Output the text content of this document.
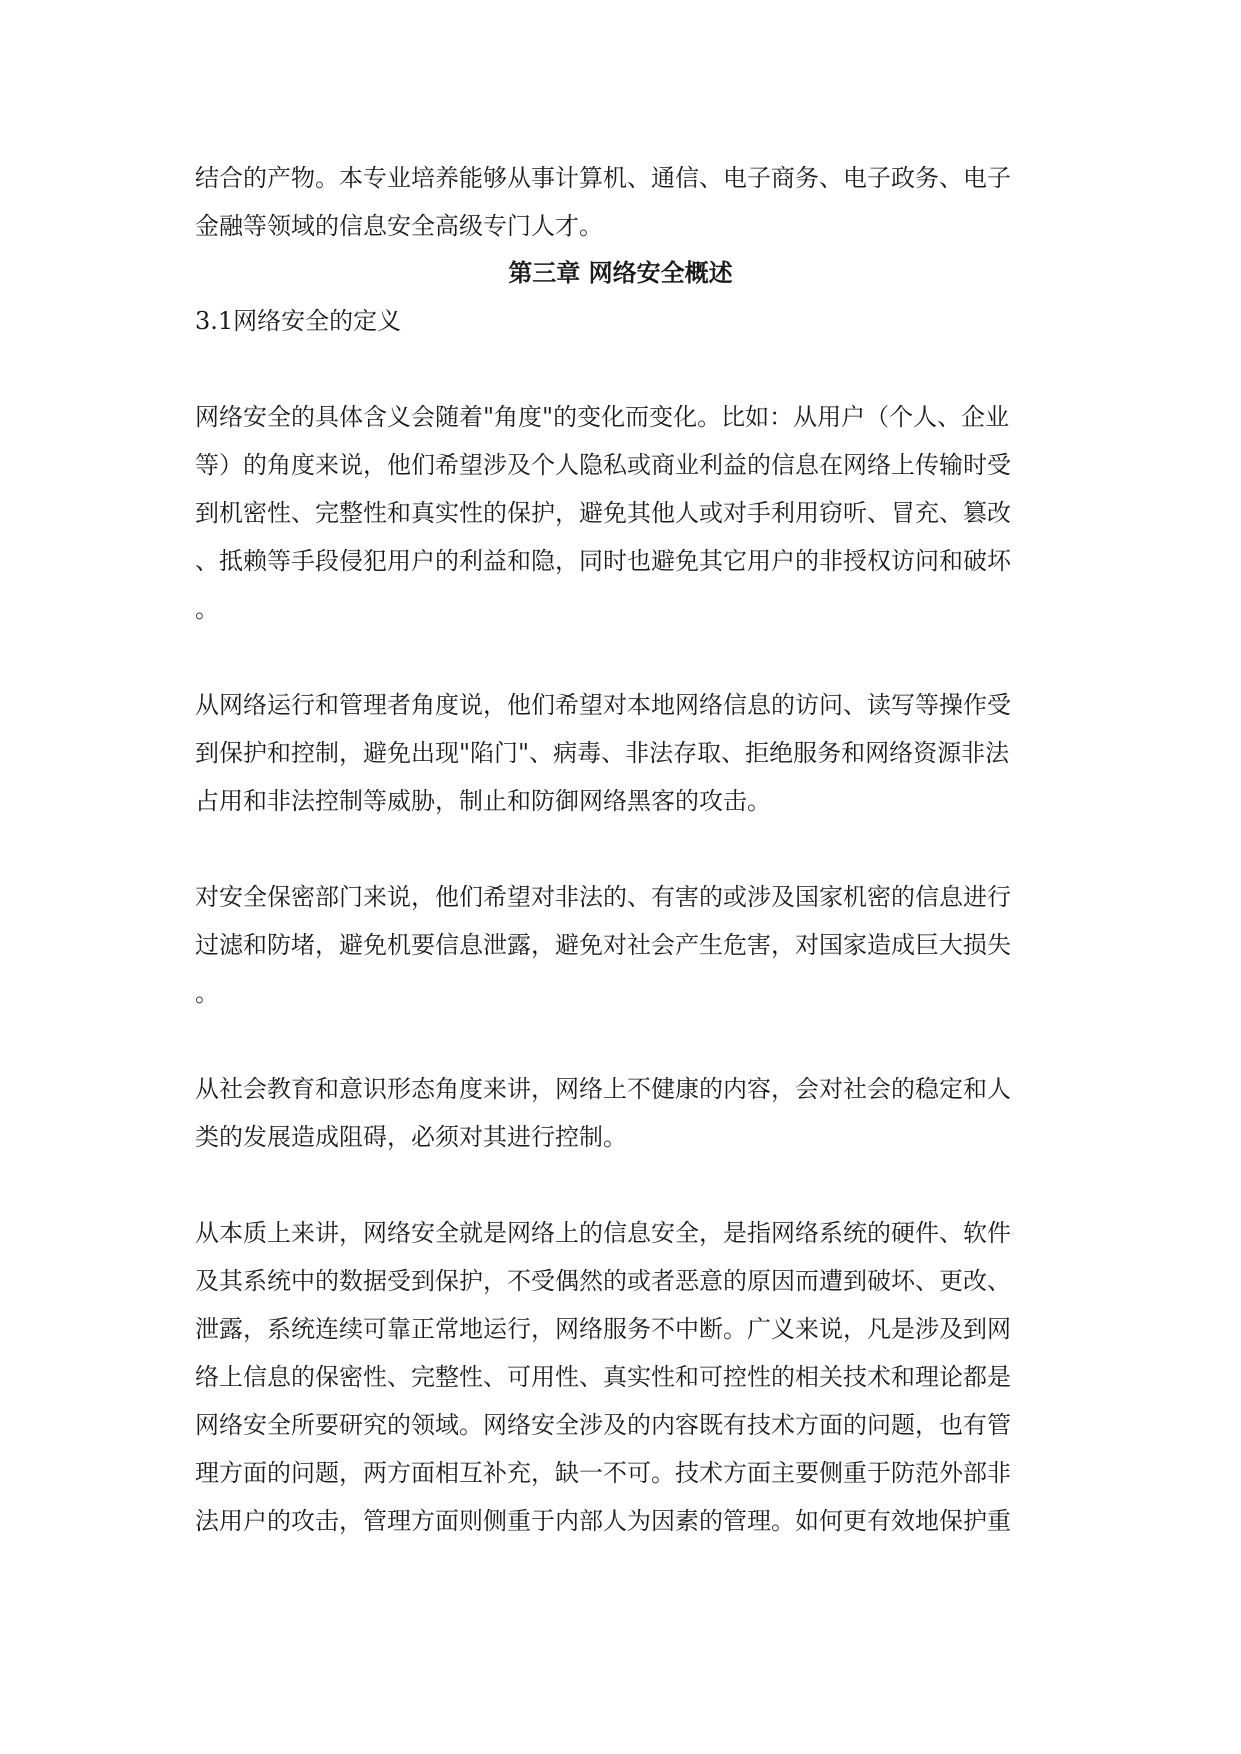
结合的产物。本专业培养能够从事计算机、通信、电子商务、电子政务、电子
金融等领域的信息安全高级专门人才。
第三章 网络安全概述
3.1网络安全的定义
网络安全的具体含义会随着"角度"的变化而变化。比如：从用户（个人、企业
等）的角度来说，他们希望涉及个人隐私或商业利益的信息在网络上传输时受
到机密性、完整性和真实性的保护，避免其他人或对手利用窃听、冒充、篡改
、抵赖等手段侵犯用户的利益和隐，同时也避免其它用户的非授权访问和破坏
。
从网络运行和管理者角度说，他们希望对本地网络信息的访问、读写等操作受
到保护和控制，避免出现"陷门"、病毒、非法存取、拒绝服务和网络资源非法
占用和非法控制等威胁，制止和防御网络黑客的攻击。
对安全保密部门来说，他们希望对非法的、有害的或涉及国家机密的信息进行
过滤和防堵，避免机要信息泄露，避免对社会产生危害，对国家造成巨大损失
。
从社会教育和意识形态角度来讲，网络上不健康的内容，会对社会的稳定和人
类的发展造成阻碍，必须对其进行控制。
从本质上来讲，网络安全就是网络上的信息安全，是指网络系统的硬件、软件
及其系统中的数据受到保护，不受偶然的或者恶意的原因而遭到破坏、更改、
泄露，系统连续可靠正常地运行，网络服务不中断。广义来说，凡是涉及到网
络上信息的保密性、完整性、可用性、真实性和可控性的相关技术和理论都是
网络安全所要研究的领域。网络安全涉及的内容既有技术方面的问题，也有管
理方面的问题，两方面相互补充，缺一不可。技术方面主要侧重于防范外部非
法用户的攻击，管理方面则侧重于内部人为因素的管理。如何更有效地保护重
